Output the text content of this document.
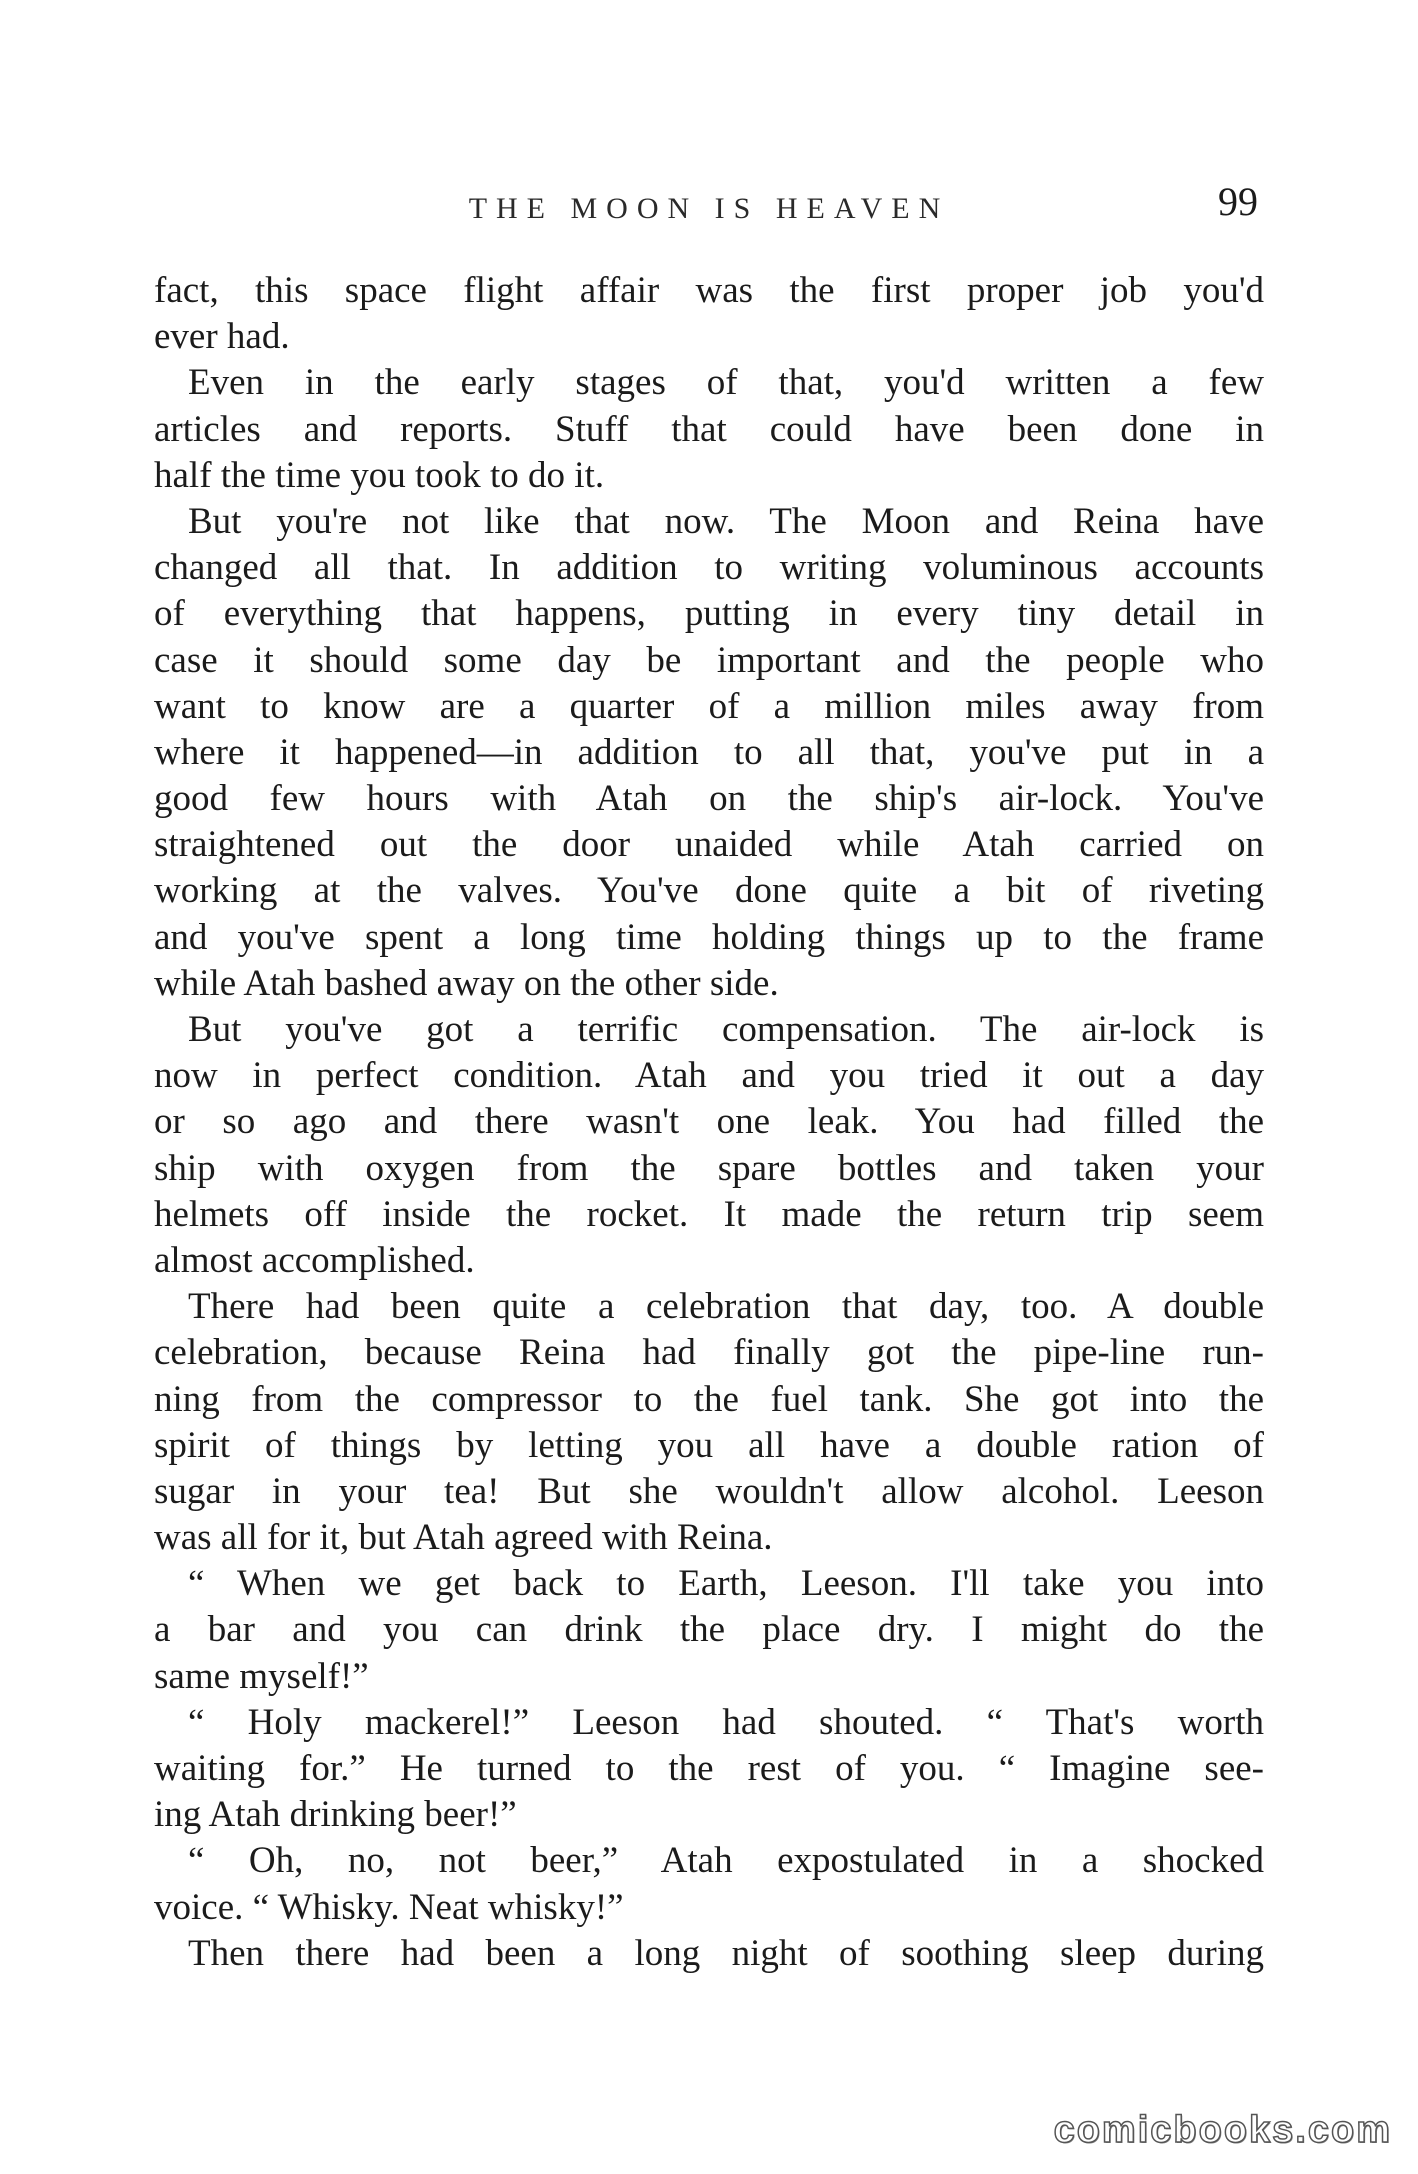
THE MOON IS HEAVEN	99
fact, this space flight affair was the first proper job you'd
ever had.
Even in the early stages of that, you'd written a few
articles and reports. Stuff that could have been done in
half the time you took to do it.
But you're not like that now. The Moon and Reina have
changed all that. In addition to writing voluminous accounts
of everything that happens, putting in every tiny detail in
case it should some day be important and the people who
want to know are a quarter of a million miles away from
where it happened—in addition to all that, you've put in a
good few hours with Atah on the ship's air-lock. You've
straightened out the door unaided while Atah carried on
working at the valves. You've done quite a bit of riveting
and you've spent a long time holding things up to the frame
while Atah bashed away on the other side.
But you've got a terrific compensation. The air-lock is
now in perfect condition. Atah and you tried it out a day
or so ago and there wasn't one leak. You had filled the
ship with oxygen from the spare bottles and taken your
helmets off inside the rocket. It made the return trip seem
almost accomplished.
There had been quite a celebration that day, too. A double
celebration, because Reina had finally got the pipe-line run-
ning from the compressor to the fuel tank. She got into the
spirit of things by letting you all have a double ration of
sugar in your tea! But she wouldn't allow alcohol. Leeson
was all for it, but Atah agreed with Reina.
“ When we get back to Earth, Leeson. I'll take you into
a bar and you can drink the place dry. I might do the
same myself!”
“ Holy mackerel!” Leeson had shouted. “ That's worth
waiting for.” He turned to the rest of you. “ Imagine see-
ing Atah drinking beer!”
“ Oh, no, not beer,” Atah expostulated in a shocked
voice. “ Whisky. Neat whisky!”
Then there had been a long night of soothing sleep during
comicbooks.com
